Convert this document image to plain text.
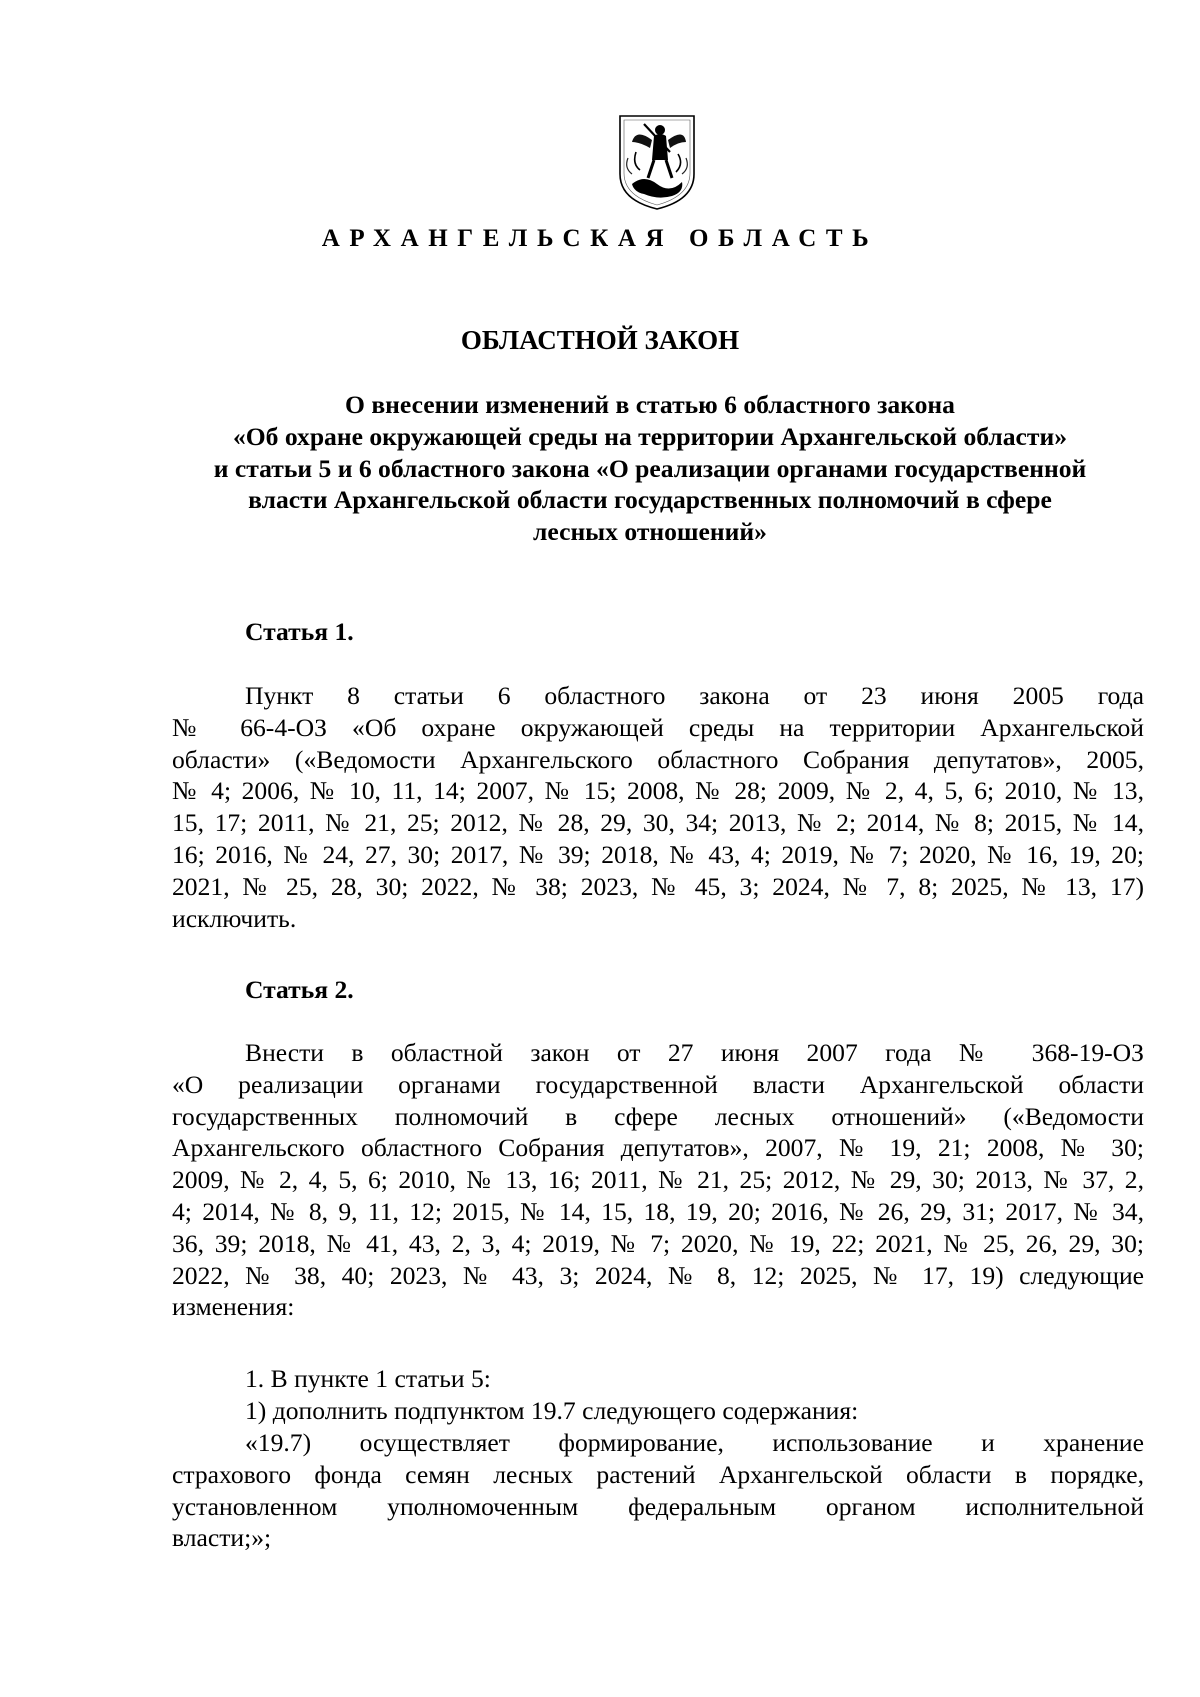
АРХАНГЕЛЬСКАЯ ОБЛАСТЬ
ОБЛАСТНОЙ ЗАКОН
О внесении изменений в статью 6 областного закона
«Об охране окружающей среды на территории Архангельской области»
и статьи 5 и 6 областного закона «О реализации органами государственной
власти Архангельской области государственных полномочий в сфере
лесных отношений»
Статья 1.
Пункт 8 статьи 6 областного закона от 23 июня 2005 года
№ 66-4-ОЗ «Об охране окружающей среды на территории Архангельской
области» («Ведомости Архангельского областного Собрания депутатов», 2005,
№ 4; 2006, № 10, 11, 14; 2007, № 15; 2008, № 28; 2009, № 2, 4, 5, 6; 2010, № 13,
15, 17; 2011, № 21, 25; 2012, № 28, 29, 30, 34; 2013, № 2; 2014, № 8; 2015, № 14,
16; 2016, № 24, 27, 30; 2017, № 39; 2018, № 43, 4; 2019, № 7; 2020, № 16, 19, 20;
2021, № 25, 28, 30; 2022, № 38; 2023, № 45, 3; 2024, № 7, 8; 2025, № 13, 17)
исключить.
Статья 2.
Внести в областной закон от 27 июня 2007 года № 368-19-ОЗ
«О реализации органами государственной власти Архангельской области
государственных полномочий в сфере лесных отношений» («Ведомости
Архангельского областного Собрания депутатов», 2007, № 19, 21; 2008, № 30;
2009, № 2, 4, 5, 6; 2010, № 13, 16; 2011, № 21, 25; 2012, № 29, 30; 2013, № 37, 2,
4; 2014, № 8, 9, 11, 12; 2015, № 14, 15, 18, 19, 20; 2016, № 26, 29, 31; 2017, № 34,
36, 39; 2018, № 41, 43, 2, 3, 4; 2019, № 7; 2020, № 19, 22; 2021, № 25, 26, 29, 30;
2022, № 38, 40; 2023, № 43, 3; 2024, № 8, 12; 2025, № 17, 19) следующие
изменения:
1. В пункте 1 статьи 5:
1) дополнить подпунктом 19.7 следующего содержания:
«19.7) осуществляет формирование, использование и хранение
страхового фонда семян лесных растений Архангельской области в порядке,
установленном уполномоченным федеральным органом исполнительной
власти;»;
